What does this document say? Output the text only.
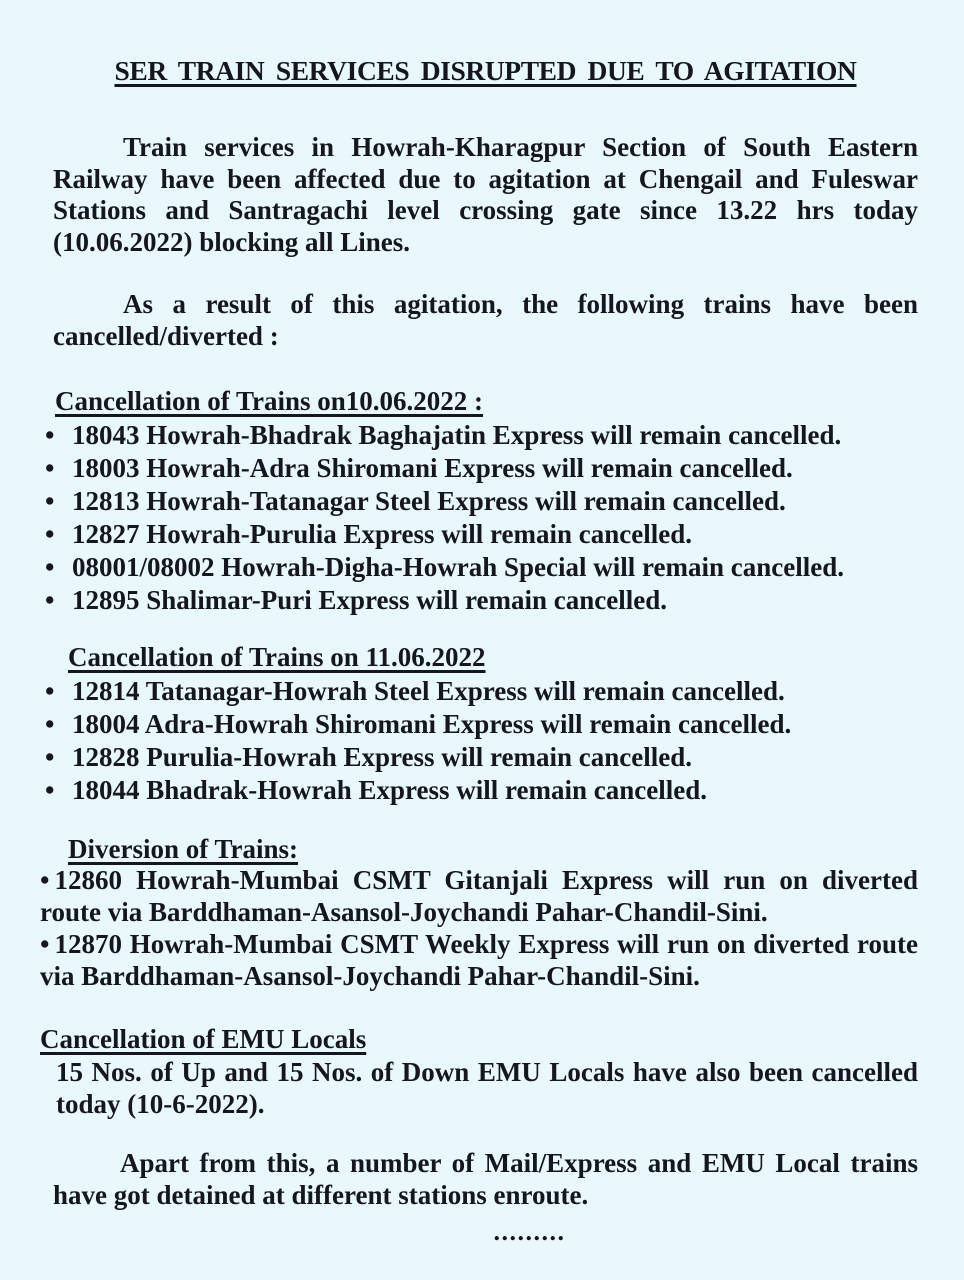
SER TRAIN SERVICES DISRUPTED DUE TO AGITATION

Train services in Howrah-Kharagpur Section of South Eastern Railway have been affected due to agitation at Chengail and Fuleswar Stations and Santragachi level crossing gate since 13.22 hrs today (10.06.2022) blocking all Lines.

As a result of this agitation, the following trains have been cancelled/diverted :

Cancellation of Trains on10.06.2022 :
• 18043 Howrah-Bhadrak Baghajatin Express will remain cancelled.
• 18003 Howrah-Adra Shiromani Express will remain cancelled.
• 12813 Howrah-Tatanagar Steel Express will remain cancelled.
• 12827 Howrah-Purulia Express will remain cancelled.
• 08001/08002 Howrah-Digha-Howrah Special will remain cancelled.
• 12895 Shalimar-Puri Express will remain cancelled.
Cancellation of Trains on 11.06.2022
• 12814 Tatanagar-Howrah Steel Express will remain cancelled.
• 18004 Adra-Howrah Shiromani Express will remain cancelled.
• 12828 Purulia-Howrah Express will remain cancelled.
• 18044 Bhadrak-Howrah Express will remain cancelled.
Diversion of Trains:

• 12860 Howrah-Mumbai CSMT Gitanjali Express will run on diverted route via Barddhaman-Asansol-Joychandi Pahar-Chandil-Sini.

• 12870 Howrah-Mumbai CSMT Weekly Express will run on diverted route via Barddhaman-Asansol-Joychandi Pahar-Chandil-Sini.

Cancellation of EMU Locals

15 Nos. of Up and 15 Nos. of Down EMU Locals have also been cancelled today (10-6-2022).

Apart from this, a number of Mail/Express and EMU Local trains have got detained at different stations enroute.

.........
